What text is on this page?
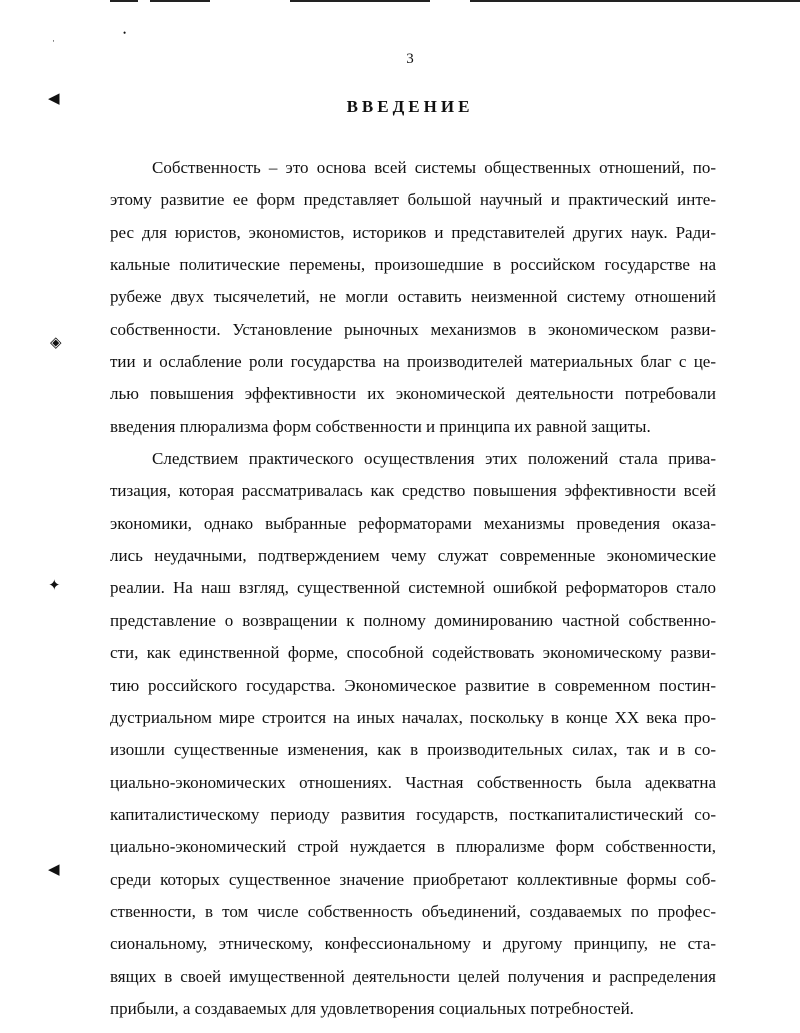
•
·
◀
◈
✦
◀
3
ВВЕДЕНИЕ
Собственность – это основа всей системы общественных отношений, по-
этому развитие ее форм представляет большой научный и практический инте-
рес для юристов, экономистов, историков и представителей других наук. Ради-
кальные политические перемены, произошедшие в российском государстве на
рубеже двух тысячелетий, не могли оставить неизменной систему отношений
собственности. Установление рыночных механизмов в экономическом разви-
тии и ослабление роли государства на производителей материальных благ с це-
лью повышения эффективности их экономической деятельности потребовали
введения плюрализма форм собственности и принципа их равной защиты.
Следствием практического осуществления этих положений стала прива-
тизация, которая рассматривалась как средство повышения эффективности всей
экономики, однако выбранные реформаторами механизмы проведения оказа-
лись неудачными, подтверждением чему служат современные экономические
реалии. На наш взгляд, существенной системной ошибкой реформаторов стало
представление о возвращении к полному доминированию частной собственно-
сти, как единственной форме, способной содействовать экономическому разви-
тию российского государства. Экономическое развитие в современном постин-
дустриальном мире строится на иных началах, поскольку в конце XX века про-
изошли существенные изменения, как в производительных силах, так и в со-
циально-экономических отношениях. Частная собственность была адекватна
капиталистическому периоду развития государств, посткапиталистический со-
циально-экономический строй нуждается в плюрализме форм собственности,
среди которых существенное значение приобретают коллективные формы соб-
ственности, в том числе собственность объединений, создаваемых по профес-
сиональному, этническому, конфессиональному и другому принципу, не ста-
вящих в своей имущественной деятельности целей получения и распределения
прибыли, а создаваемых для удовлетворения социальных потребностей.
